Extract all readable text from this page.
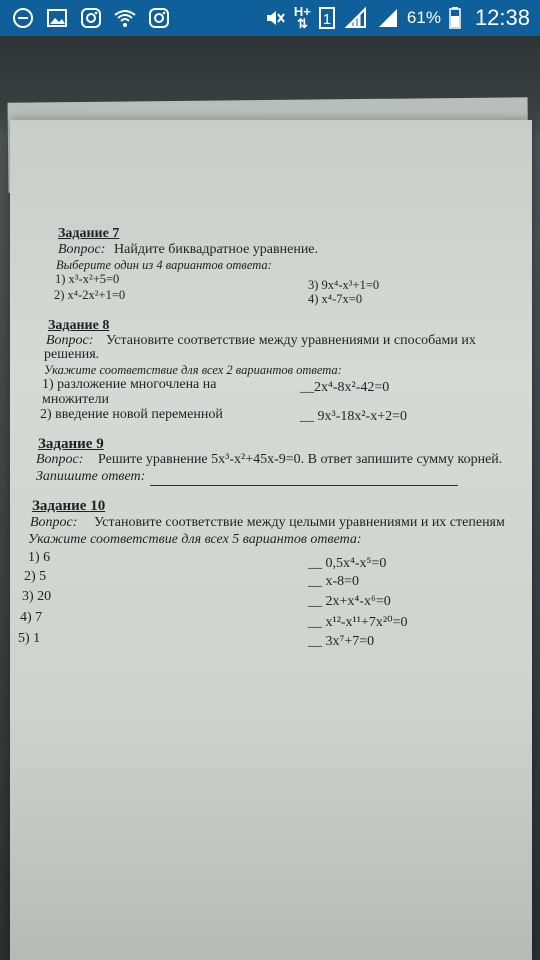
H+
⇅ 1	61% 12:38
Задание 7
Вопрос: Найдите биквадратное уравнение.
Выберите один из 4 вариантов ответа:
1) x³-x²+5=0
2) x⁴-2x²+1=0
3) 9x⁴-x³+1=0
4) x⁴-7x=0
Задание 8
Вопрос: Установите соответствие между уравнениями и способами их
решения.
Укажите соответствие для всех 2 вариантов ответа:
1) разложение многочлена на
множители
2) введение новой переменной
__2x⁴-8x²-42=0
__ 9x³-18x²-x+2=0
Задание 9
Вопрос: Решите уравнение 5x³-x²+45x-9=0. В ответ запишите сумму корней.
Запишите ответ:
Задание 10
Вопрос: Установите соответствие между целыми уравнениями и их степеням
Укажите соответствие для всех 5 вариантов ответа:
1) 6
2) 5
3) 20
4) 7
5) 1
__ 0,5x⁴-x⁵=0
__ x-8=0
__ 2x+x⁴-x⁶=0
__ x¹²-x¹¹+7x²⁰=0
__ 3x⁷+7=0
